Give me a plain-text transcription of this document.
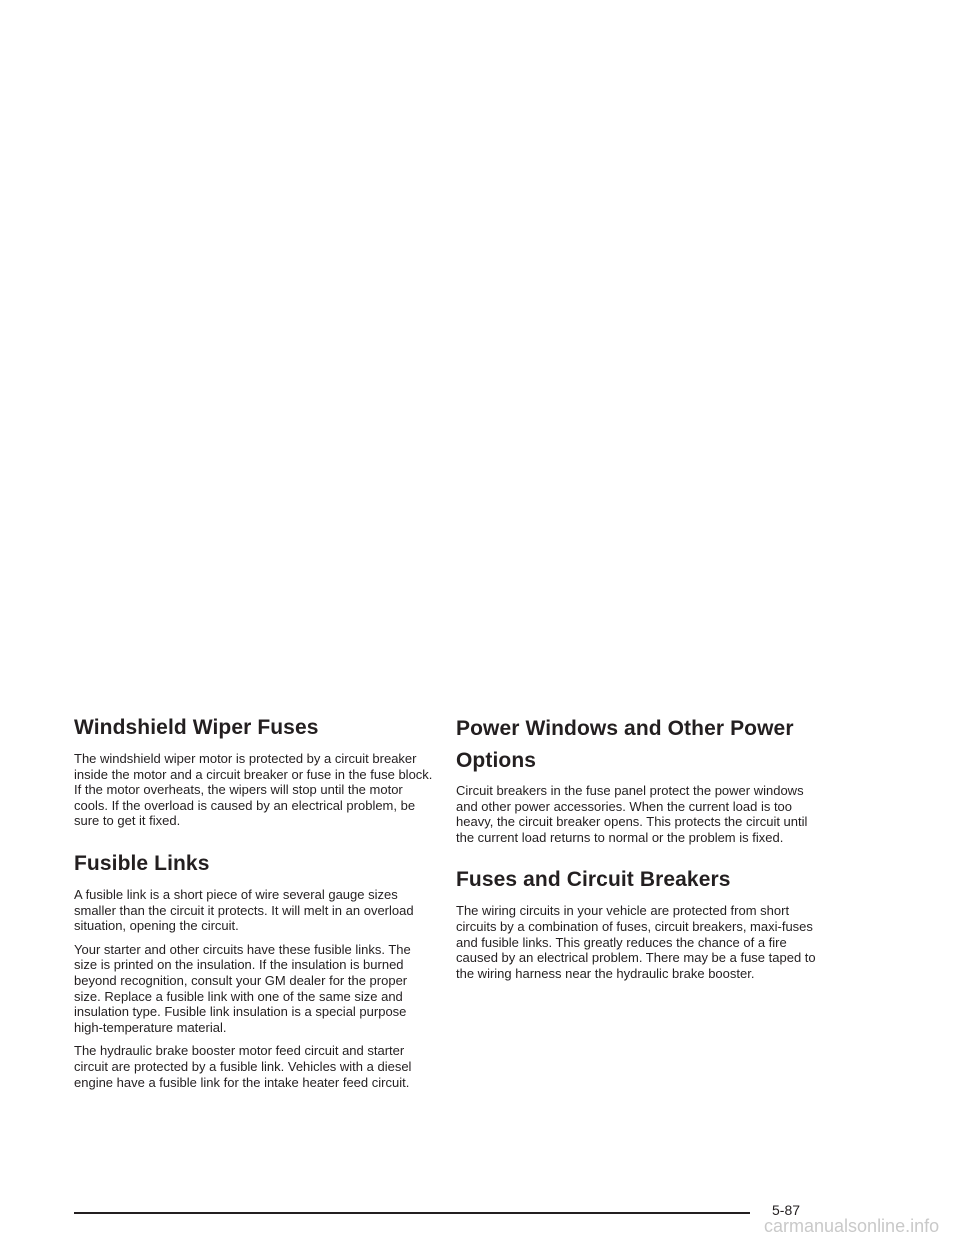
Windshield Wiper Fuses

The windshield wiper motor is protected by a circuit breaker inside the motor and a circuit breaker or fuse in the fuse block. If the motor overheats, the wipers will stop until the motor cools. If the overload is caused by an electrical problem, be sure to get it fixed.

Fusible Links

A fusible link is a short piece of wire several gauge sizes smaller than the circuit it protects. It will melt in an overload situation, opening the circuit.

Your starter and other circuits have these fusible links. The size is printed on the insulation. If the insulation is burned beyond recognition, consult your GM dealer for the proper size. Replace a fusible link with one of the same size and insulation type. Fusible link insulation is a special purpose high-temperature material.

The hydraulic brake booster motor feed circuit and starter circuit are protected by a fusible link. Vehicles with a diesel engine have a fusible link for the intake heater feed circuit.

Power Windows and Other Power Options

Circuit breakers in the fuse panel protect the power windows and other power accessories. When the current load is too heavy, the circuit breaker opens. This protects the circuit until the current load returns to normal or the problem is fixed.

Fuses and Circuit Breakers

The wiring circuits in your vehicle are protected from short circuits by a combination of fuses, circuit breakers, maxi-fuses and fusible links. This greatly reduces the chance of a fire caused by an electrical problem. There may be a fuse taped to the wiring harness near the hydraulic brake booster.

5-87
carmanualsonline.info
